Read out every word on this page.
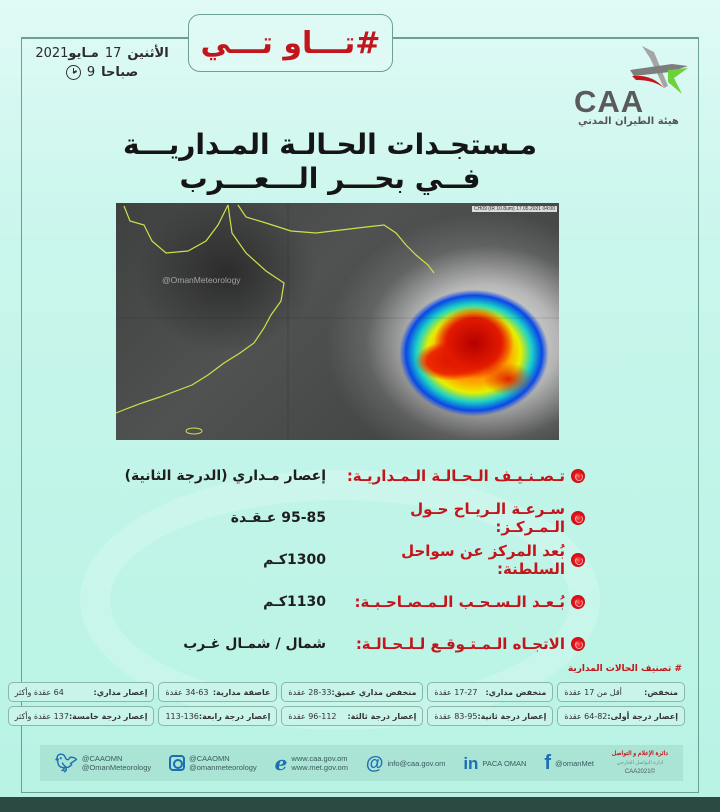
#تـــاو تـــي
الأثنين
17
مـايو2021
صباحا
9
CAA
هيئة الطيران المدني
مـستجـدات الحـالـة المـداريـــة
فــي بحـــر الـــعـــرب
@OmanMeteorology
CH09 (IR 10.8um) 17.05.2021 04:00
تـصـنـيـف الـحـالـة الـمـداريـة:
إعصار مـداري (الدرجة الثانية)
سـرعـة الـريـاح حـول الـمـركـز:
95-85 عـقـدة
بُعد المركز عن سواحل السلطنة:
1300كـم
بُـعـد الـسـحـب الـمـصـاحـبـة:
1130كـم
الاتجـاه الـمـتـوقـع لـلـحـالـة:
شمال / شمـال غـرب
# تصنيف الحالات المدارية
منخفض:
أقل من 17 عقدة
منخفض مداري:
17-27 عقدة
منخفض مداري عميق:
28-33 عقدة
عاصفة مدارية:
34-63 عقدة
إعصار مداري:
64 عقدة وأكثر
إعصار درجة أولى:
64-82 عقدة
إعصار درجة ثانية:
83-95 عقدة
إعصار درجة ثالثة:
96-112 عقدة
إعصار درجة رابعة:
113-136
إعصار درجة خامسة:
137 عقدة وأكثر
🐦︎ @CAAOMN
@OmanMeteorology
@CAAOMN
@omanmeteorology e www.caa.gov.om
www.met.gov.om @ info@caa.gov.om in PACA OMAN f @omanMet
دائرة الإعلام و التواصل
ادارة التواصل الخارجي
©CAA2021
